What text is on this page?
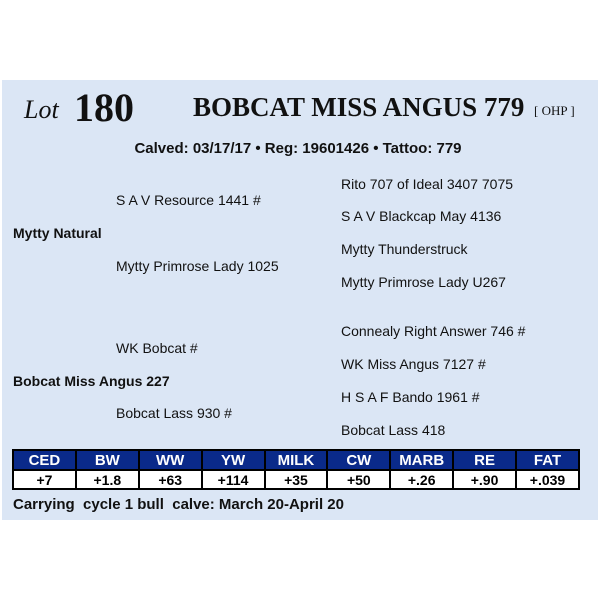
Lot 180 BOBCAT MISS ANGUS 779 [ OHP ]
Calved: 03/17/17 • Reg: 19601426 • Tattoo: 779
Rito 707 of Ideal 3407 7075
S A V Resource 1441 #
S A V Blackcap May 4136
Mytty Natural
Mytty Thunderstruck
Mytty Primrose Lady 1025
Mytty Primrose Lady U267
Connealy Right Answer 746 #
WK Bobcat #
WK Miss Angus 7127 #
Bobcat Miss Angus 227
H S A F Bando 1961 #
Bobcat Lass 930 #
Bobcat Lass 418
CED	BW	WW	YW	MILK	CW	MARB	RE	FAT
+7	+1.8	+63	+114	+35	+50	+.26	+.90	+.039
Carrying  cycle 1 bull  calve: March 20-April 20
